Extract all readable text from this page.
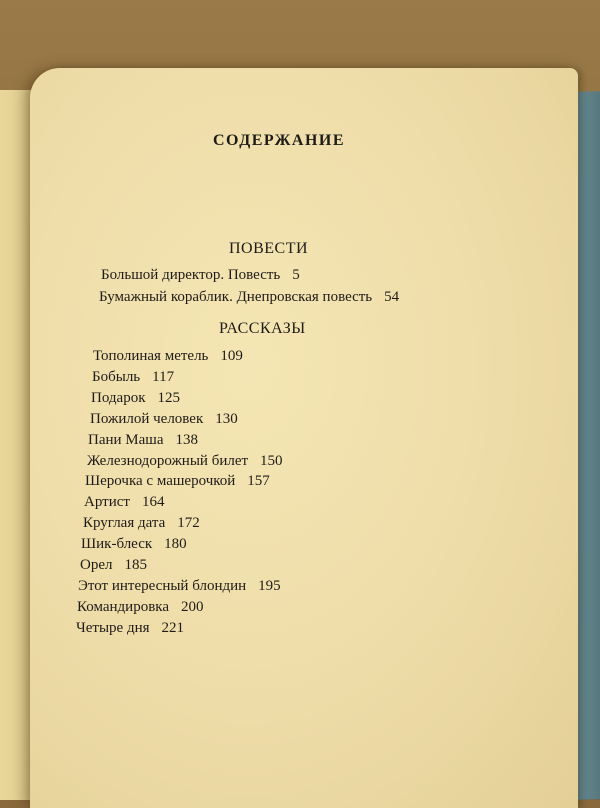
СОДЕРЖАНИЕ
ПОВЕСТИ
Большой директор. Повесть 5
Бумажный кораблик. Днепровская повесть 54
РАССКАЗЫ
Тополиная метель 109
Бобыль 117
Подарок 125
Пожилой человек 130
Пани Маша 138
Железнодорожный билет 150
Шерочка с машерочкой 157
Артист 164
Круглая дата 172
Шик-блеск 180
Орел 185
Этот интересный блондин 195
Командировка 200
Четыре дня 221
